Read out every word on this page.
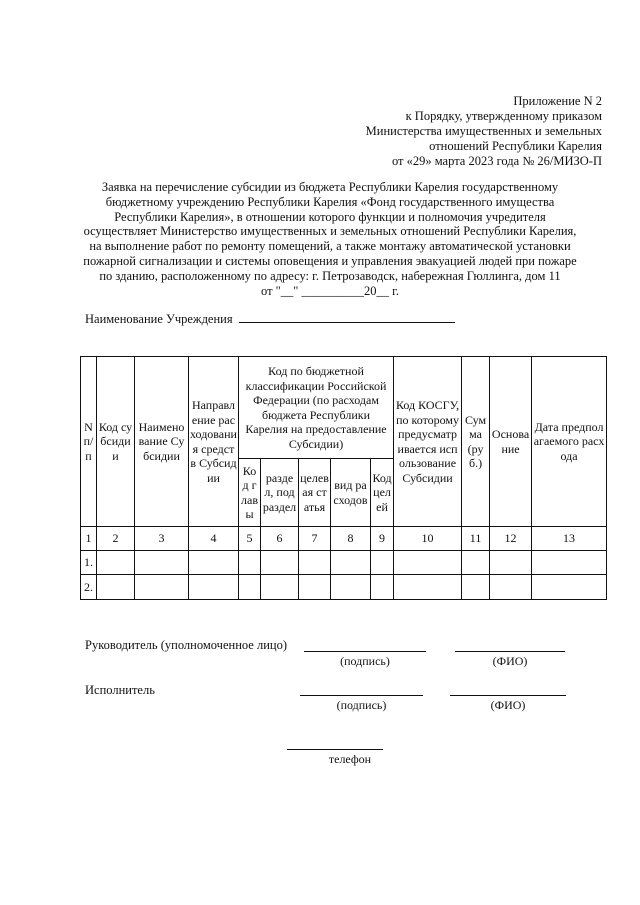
Приложение N 2
к Порядку, утвержденному приказом
Министерства имущественных и земельных
отношений Республики Карелия
от «29» марта 2023 года № 26/МИЗО-П
Заявка на перечисление субсидии из бюджета Республики Карелия государственному
бюджетному учреждению Республики Карелия «Фонд государственного имущества
Республики Карелия», в отношении которого функции и полномочия учредителя
осуществляет Министерство имущественных и земельных отношений Республики Карелия,
на выполнение работ по ремонту помещений, а также монтажу автоматической установки
пожарной сигнализации и системы оповещения и управления эвакуацией людей при пожаре
по зданию, расположенному по адресу: г. Петрозаводск, набережная Гюллинга, дом 11
от "__" __________20__ г.
Наименование Учреждения
N п/п	Код субсидии	Наименование Субсидии	Направление расходования средств Субсидии	Код по бюджетной классификации Российской Федерации (по расходам бюджета Республики Карелия на предоставление Субсидии)					Код КОСГУ, по которому предусматривается использование Субсидии	Сумма (руб.)	Основание	Дата предполагаемого расхода
				Код главы	раздел, подраздел	целевая статья	вид расходов	Код целей				
1	2	3	4	5	6	7	8	9	10	11	12	13
1.												
2.												
Руководитель (уполномоченное лицо)
(подпись)	(ФИО)
Исполнитель
(подпись)	(ФИО)
телефон
